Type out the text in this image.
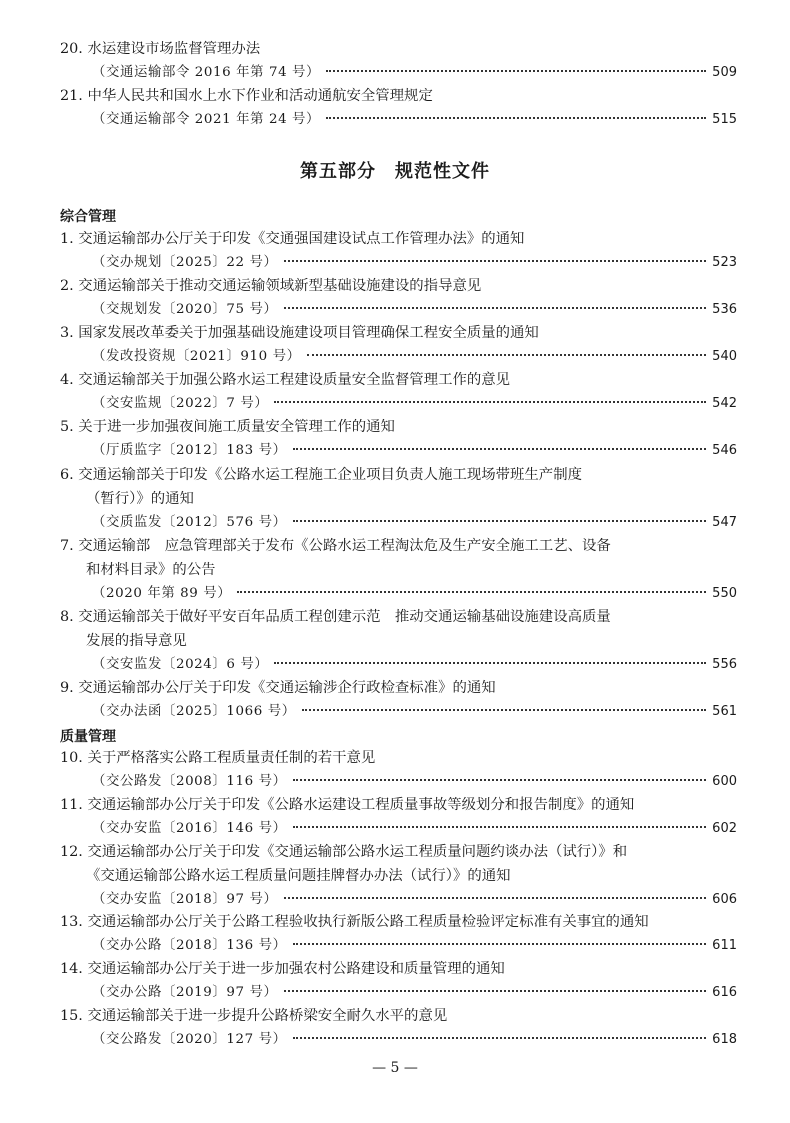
20. 水运建设市场监督管理办法
（交通运输部令 2016 年第 74 号）	509
21. 中华人民共和国水上水下作业和活动通航安全管理规定
（交通运输部令 2021 年第 24 号）	515
第五部分　规范性文件
综合管理
1. 交通运输部办公厅关于印发《交通强国建设试点工作管理办法》的通知
（交办规划〔2025〕22 号）	523
2. 交通运输部关于推动交通运输领域新型基础设施建设的指导意见
（交规划发〔2020〕75 号）	536
3. 国家发展改革委关于加强基础设施建设项目管理确保工程安全质量的通知
（发改投资规〔2021〕910 号）	540
4. 交通运输部关于加强公路水运工程建设质量安全监督管理工作的意见
（交安监规〔2022〕7 号）	542
5. 关于进一步加强夜间施工质量安全管理工作的通知
（厅质监字〔2012〕183 号）	546
6. 交通运输部关于印发《公路水运工程施工企业项目负责人施工现场带班生产制度
（暂行）》的通知
（交质监发〔2012〕576 号）	547
7. 交通运输部　应急管理部关于发布《公路水运工程淘汰危及生产安全施工工艺、设备
和材料目录》的公告
（2020 年第 89 号）	550
8. 交通运输部关于做好平安百年品质工程创建示范　推动交通运输基础设施建设高质量
发展的指导意见
（交安监发〔2024〕6 号）	556
9. 交通运输部办公厅关于印发《交通运输涉企行政检查标准》的通知
（交办法函〔2025〕1066 号）	561
质量管理
10. 关于严格落实公路工程质量责任制的若干意见
（交公路发〔2008〕116 号）	600
11. 交通运输部办公厅关于印发《公路水运建设工程质量事故等级划分和报告制度》的通知
（交办安监〔2016〕146 号）	602
12. 交通运输部办公厅关于印发《交通运输部公路水运工程质量问题约谈办法（试行）》和
《交通运输部公路水运工程质量问题挂牌督办办法（试行）》的通知
（交办安监〔2018〕97 号）	606
13. 交通运输部办公厅关于公路工程验收执行新版公路工程质量检验评定标准有关事宜的通知
（交办公路〔2018〕136 号）	611
14. 交通运输部办公厅关于进一步加强农村公路建设和质量管理的通知
（交办公路〔2019〕97 号）	616
15. 交通运输部关于进一步提升公路桥梁安全耐久水平的意见
（交公路发〔2020〕127 号）	618
— 5 —
